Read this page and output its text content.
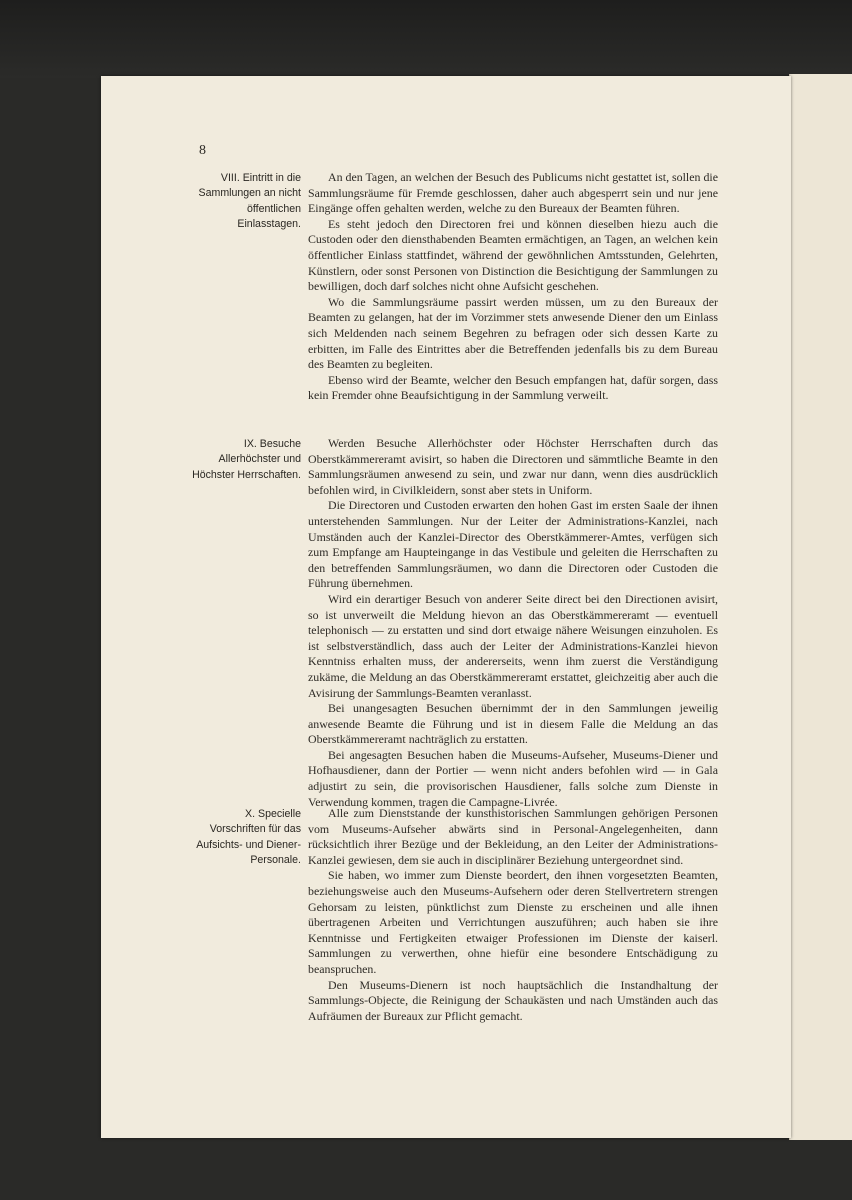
8
VIII. Eintritt in die Sammlungen an nicht öffentlichen Einlasstagen.

An den Tagen, an welchen der Besuch des Publicums nicht gestattet ist, sollen die Sammlungsräume für Fremde geschlossen, daher auch abgesperrt sein und nur jene Eingänge offen gehalten werden, welche zu den Bureaux der Beamten führen.

Es steht jedoch den Directoren frei und können dieselben hiezu auch die Custoden oder den diensthabenden Beamten ermächtigen, an Tagen, an welchen kein öffentlicher Einlass stattfindet, während der gewöhnlichen Amtsstunden, Gelehrten, Künstlern, oder sonst Personen von Distinction die Besichtigung der Sammlungen zu bewilligen, doch darf solches nicht ohne Aufsicht geschehen.

Wo die Sammlungsräume passirt werden müssen, um zu den Bureaux der Beamten zu gelangen, hat der im Vorzimmer stets anwesende Diener den um Einlass sich Meldenden nach seinem Begehren zu befragen oder sich dessen Karte zu erbitten, im Falle des Eintrittes aber die Betreffenden jedenfalls bis zu dem Bureau des Beamten zu begleiten.

Ebenso wird der Beamte, welcher den Besuch empfangen hat, dafür sorgen, dass kein Fremder ohne Beaufsichtigung in der Sammlung verweilt.

IX. Besuche Allerhöchster und Höchster Herrschaften.

Werden Besuche Allerhöchster oder Höchster Herrschaften durch das Oberstkämmereramt avisirt, so haben die Directoren und sämmtliche Beamte in den Sammlungsräumen anwesend zu sein, und zwar nur dann, wenn dies ausdrücklich befohlen wird, in Civilkleidern, sonst aber stets in Uniform.

Die Directoren und Custoden erwarten den hohen Gast im ersten Saale der ihnen unterstehenden Sammlungen. Nur der Leiter der Administrations-Kanzlei, nach Umständen auch der Kanzlei-Director des Oberstkämmerer-Amtes, verfügen sich zum Empfange am Haupteingange in das Vestibule und geleiten die Herrschaften zu den betreffenden Sammlungsräumen, wo dann die Directoren oder Custoden die Führung übernehmen.

Wird ein derartiger Besuch von anderer Seite direct bei den Directionen avisirt, so ist unverweilt die Meldung hievon an das Oberstkämmereramt — eventuell telephonisch — zu erstatten und sind dort etwaige nähere Weisungen einzuholen. Es ist selbstverständlich, dass auch der Leiter der Administrations-Kanzlei hievon Kenntniss erhalten muss, der andererseits, wenn ihm zuerst die Verständigung zukäme, die Meldung an das Oberstkämmereramt erstattet, gleichzeitig aber auch die Avisirung der Sammlungs-Beamten veranlasst.

Bei unangesagten Besuchen übernimmt der in den Sammlungen jeweilig anwesende Beamte die Führung und ist in diesem Falle die Meldung an das Oberstkämmereramt nachträglich zu erstatten.

Bei angesagten Besuchen haben die Museums-Aufseher, Museums-Diener und Hofhausdiener, dann der Portier — wenn nicht anders befohlen wird — in Gala adjustirt zu sein, die provisorischen Hausdiener, falls solche zum Dienste in Verwendung kommen, tragen die Campagne-Livrée.

X. Specielle Vorschriften für das Aufsichts- und Diener-Personale.

Alle zum Dienststande der kunsthistorischen Sammlungen gehörigen Personen vom Museums-Aufseher abwärts sind in Personal-Angelegenheiten, dann rücksichtlich ihrer Bezüge und der Bekleidung, an den Leiter der Administrations-Kanzlei gewiesen, dem sie auch in disciplinärer Beziehung untergeordnet sind.

Sie haben, wo immer zum Dienste beordert, den ihnen vorgesetzten Beamten, beziehungsweise auch den Museums-Aufsehern oder deren Stellvertretern strengen Gehorsam zu leisten, pünktlichst zum Dienste zu erscheinen und alle ihnen übertragenen Arbeiten und Verrichtungen auszuführen; auch haben sie ihre Kenntnisse und Fertigkeiten etwaiger Professionen im Dienste der kaiserl. Sammlungen zu verwerthen, ohne hiefür eine besondere Entschädigung zu beanspruchen.

Den Museums-Dienern ist noch hauptsächlich die Instandhaltung der Sammlungs-Objecte, die Reinigung der Schaukästen und nach Umständen auch das Aufräumen der Bureaux zur Pflicht gemacht.
